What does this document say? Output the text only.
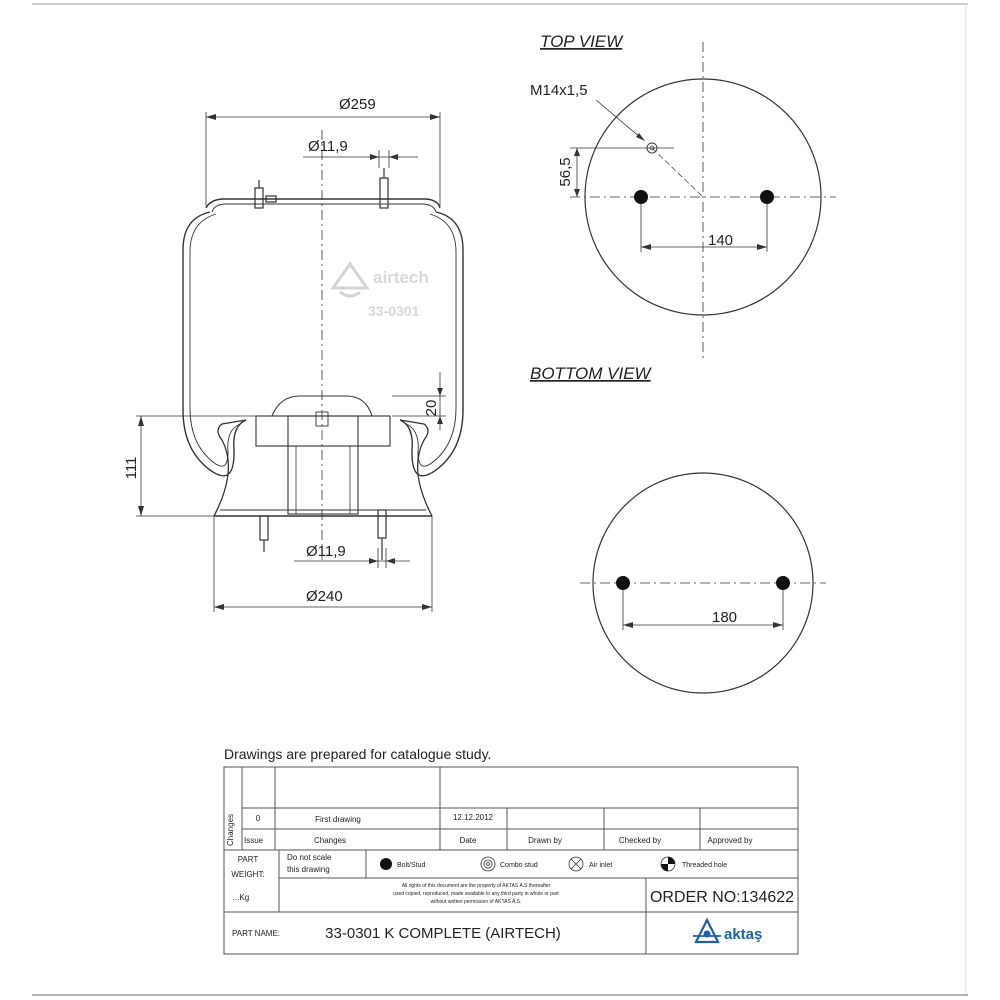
airtech
33-0301
Ø259
Ø11,9
111
20
Ø11,9
Ø240
TOP VIEW
M14x1,5
56,5
140
BOTTOM VIEW
180
Drawings are prepared for catalogue study.
Changes	0	First drawing	12.12.2012
Issue	Changes	Date	Drawn by	Checked by	Approved by
PART
WEIGHT:
...Kg
Do not scale
this drawing	Bolt/Stud	Combo stud	Air inlet	Threaded hole
All rights of this document are the property of AKTAS A.S thereafter
used copied, reproduced, made available to any third party in whole or part
without written permission of AKTAS A.S.	ORDER NO:134622
PART NAME:	33-0301 K COMPLETE (AIRTECH)	aktaş
